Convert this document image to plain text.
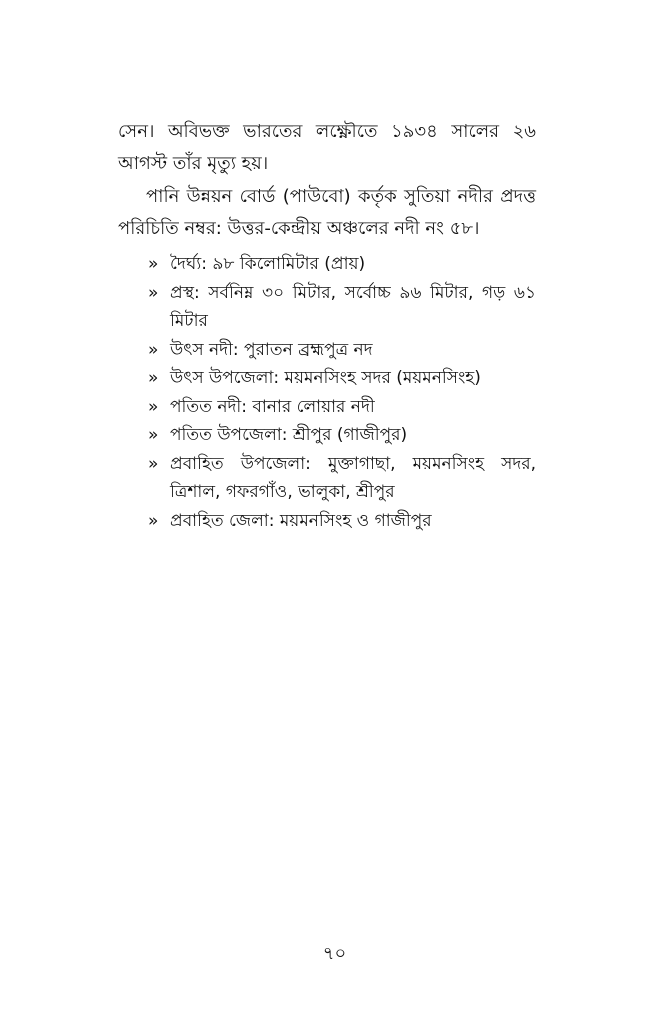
সেন। অবিভক্ত ভারতের লক্ষ্ণৌতে ১৯৩৪ সালের ২৬ আগস্ট তাঁর মৃত্যু হয়।

পানি উন্নয়ন বোর্ড (পাউবো) কর্তৃক সুতিয়া নদীর প্রদত্ত পরিচিতি নম্বর: উত্তর-কেন্দ্রীয় অঞ্চলের নদী নং ৫৮।

» দৈর্ঘ্য: ৯৮ কিলোমিটার (প্রায়)
» প্রস্থ: সর্বনিম্ন ৩০ মিটার, সর্বোচ্চ ৯৬ মিটার, গড় ৬১ মিটার
» উৎস নদী: পুরাতন ব্রহ্মপুত্র নদ
» উৎস উপজেলা: ময়মনসিংহ সদর (ময়মনসিংহ)
» পতিত নদী: বানার লোয়ার নদী
» পতিত উপজেলা: শ্রীপুর (গাজীপুর)
» প্রবাহিত উপজেলা: মুক্তাগাছা, ময়মনসিংহ সদর, ত্রিশাল, গফরগাঁও, ভালুকা, শ্রীপুর
» প্রবাহিত জেলা: ময়মনসিংহ ও গাজীপুর
৭০
